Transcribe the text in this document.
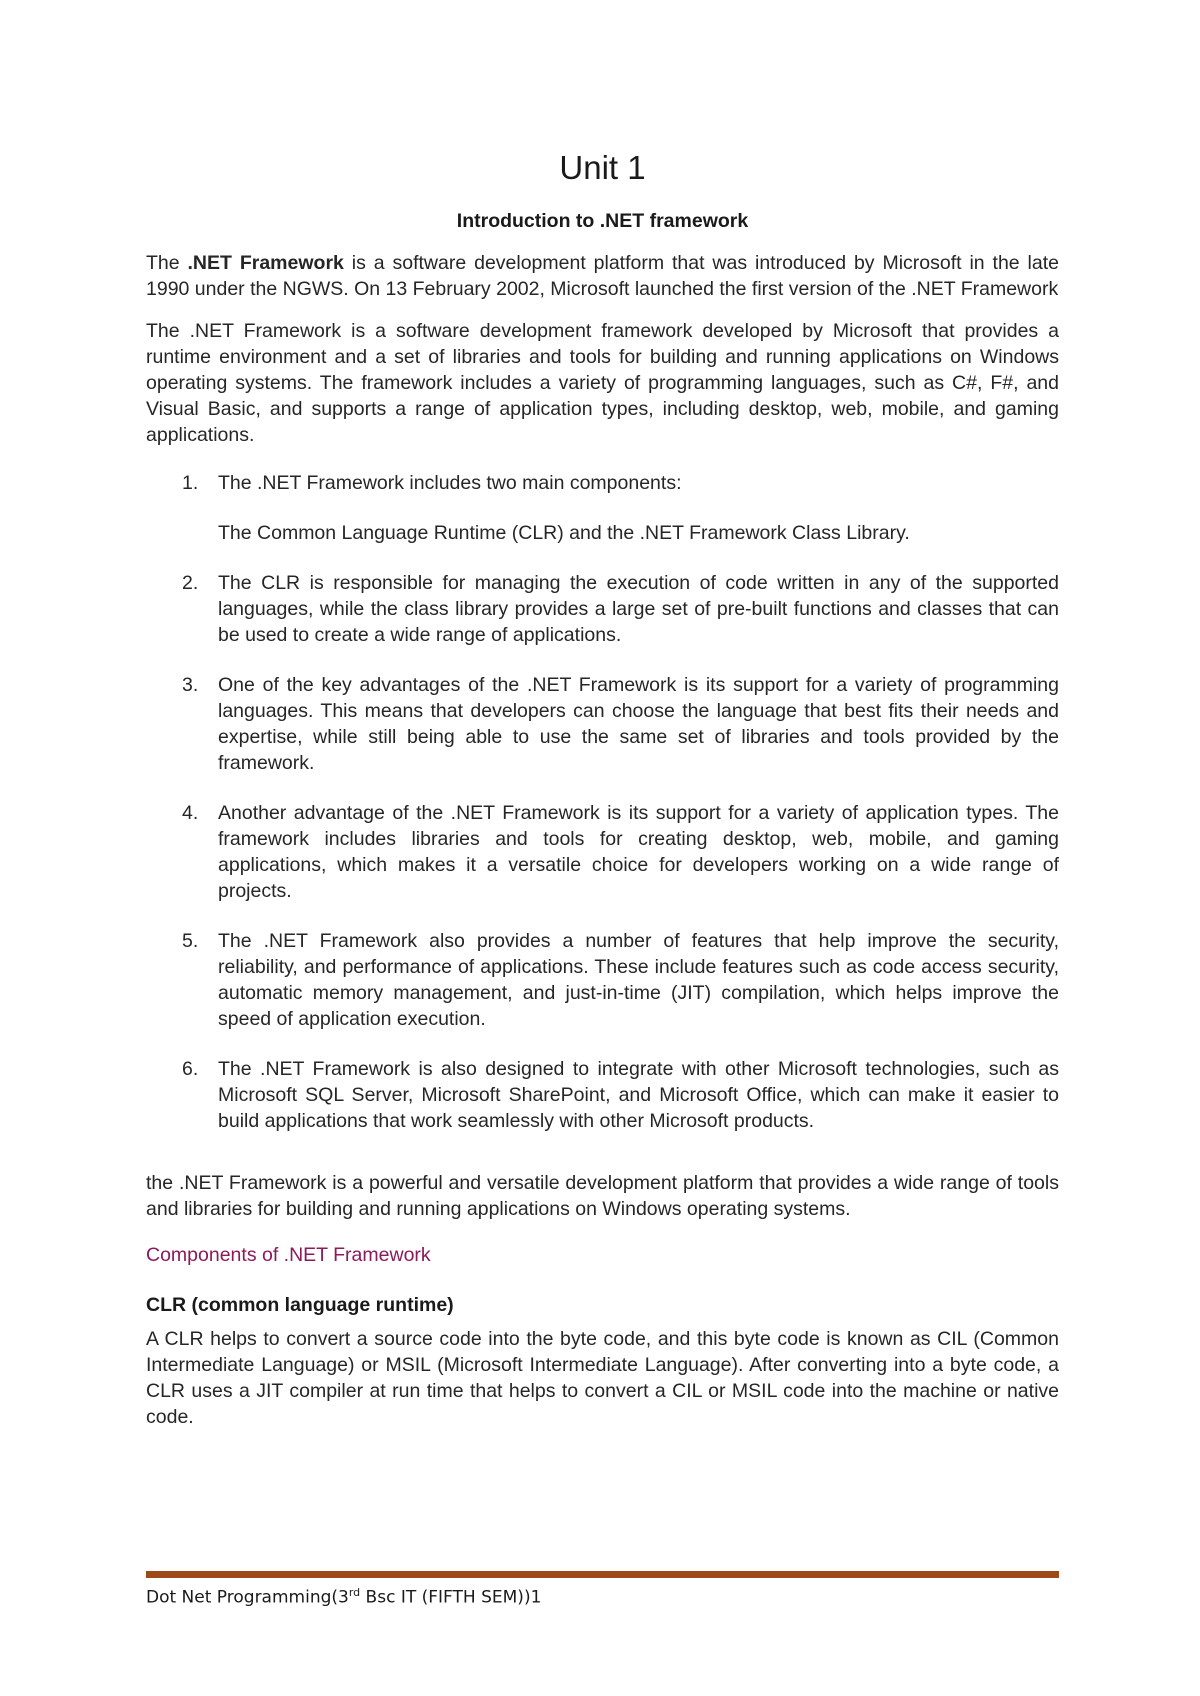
Unit 1
Introduction to .NET framework

The .NET Framework is a software development platform that was introduced by Microsoft in the late 1990 under the NGWS. On 13 February 2002, Microsoft launched the first version of the .NET Framework

The .NET Framework is a software development framework developed by Microsoft that provides a runtime environment and a set of libraries and tools for building and running applications on Windows operating systems. The framework includes a variety of programming languages, such as C#, F#, and Visual Basic, and supports a range of application types, including desktop, web, mobile, and gaming applications.

1. The .NET Framework includes two main components:
The Common Language Runtime (CLR) and the .NET Framework Class Library.
2. The CLR is responsible for managing the execution of code written in any of the supported languages, while the class library provides a large set of pre-built functions and classes that can be used to create a wide range of applications.
3. One of the key advantages of the .NET Framework is its support for a variety of programming languages. This means that developers can choose the language that best fits their needs and expertise, while still being able to use the same set of libraries and tools provided by the framework.
4. Another advantage of the .NET Framework is its support for a variety of application types. The framework includes libraries and tools for creating desktop, web, mobile, and gaming applications, which makes it a versatile choice for developers working on a wide range of projects.
5. The .NET Framework also provides a number of features that help improve the security, reliability, and performance of applications. These include features such as code access security, automatic memory management, and just-in-time (JIT) compilation, which helps improve the speed of application execution.
6. The .NET Framework is also designed to integrate with other Microsoft technologies, such as Microsoft SQL Server, Microsoft SharePoint, and Microsoft Office, which can make it easier to build applications that work seamlessly with other Microsoft products.

the .NET Framework is a powerful and versatile development platform that provides a wide range of tools and libraries for building and running applications on Windows operating systems.

Components of .NET Framework

CLR (common language runtime)

A CLR helps to convert a source code into the byte code, and this byte code is known as CIL (Common Intermediate Language) or MSIL (Microsoft Intermediate Language). After converting into a byte code, a CLR uses a JIT compiler at run time that helps to convert a CIL or MSIL code into the machine or native code.

Dot Net Programming(3rd Bsc IT (FIFTH SEM))1
